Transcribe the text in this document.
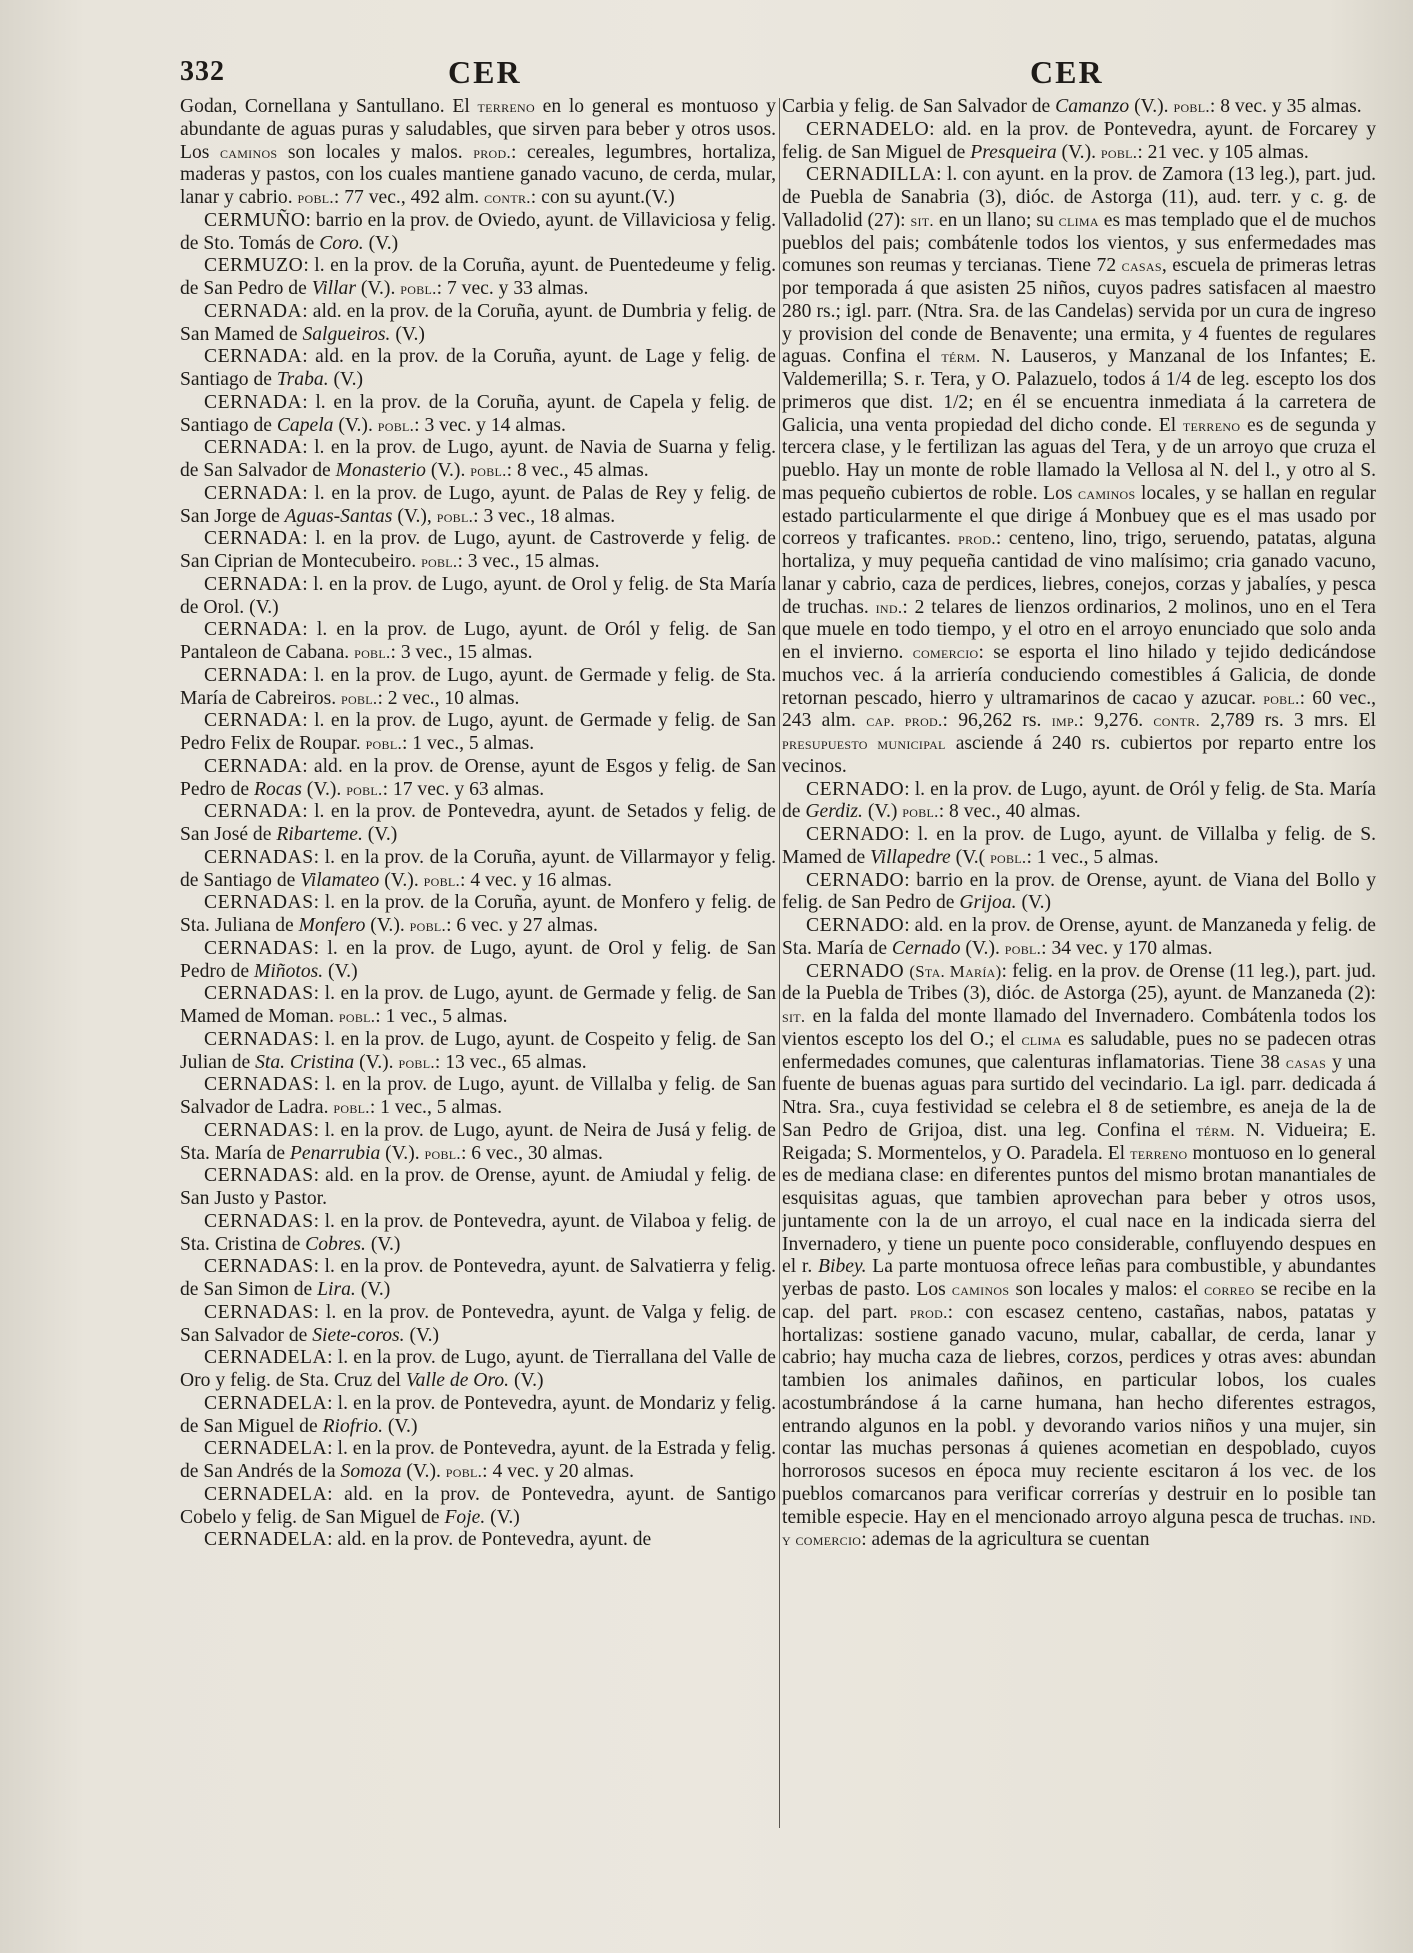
332	CER	CER

Godan, Cornellana y Santullano. El terreno en lo general es montuoso y abundante de aguas puras y saludables, que sirven para beber y otros usos. Los caminos son locales y malos. prod.: cereales, legumbres, hortaliza, maderas y pastos, con los cuales mantiene ganado vacuno, de cerda, mular, lanar y cabrio. pobl.: 77 vec., 492 alm. contr.: con su ayunt.(V.)

CERMUÑO: barrio en la prov. de Oviedo, ayunt. de Villaviciosa y felig. de Sto. Tomás de Coro. (V.)

CERMUZO: l. en la prov. de la Coruña, ayunt. de Puentedeume y felig. de San Pedro de Villar (V.). pobl.: 7 vec. y 33 almas.

CERNADA: ald. en la prov. de la Coruña, ayunt. de Dumbria y felig. de San Mamed de Salgueiros. (V.)

CERNADA: ald. en la prov. de la Coruña, ayunt. de Lage y felig. de Santiago de Traba. (V.)

CERNADA: l. en la prov. de la Coruña, ayunt. de Capela y felig. de Santiago de Capela (V.). pobl.: 3 vec. y 14 almas.

CERNADA: l. en la prov. de Lugo, ayunt. de Navia de Suarna y felig. de San Salvador de Monasterio (V.). pobl.: 8 vec., 45 almas.

CERNADA: l. en la prov. de Lugo, ayunt. de Palas de Rey y felig. de San Jorge de Aguas-Santas (V.), pobl.: 3 vec., 18 almas.

CERNADA: l. en la prov. de Lugo, ayunt. de Castroverde y felig. de San Ciprian de Montecubeiro. pobl.: 3 vec., 15 almas.

CERNADA: l. en la prov. de Lugo, ayunt. de Orol y felig. de Sta María de Orol. (V.)

CERNADA: l. en la prov. de Lugo, ayunt. de Oról y felig. de San Pantaleon de Cabana. pobl.: 3 vec., 15 almas.

CERNADA: l. en la prov. de Lugo, ayunt. de Germade y felig. de Sta. María de Cabreiros. pobl.: 2 vec., 10 almas.

CERNADA: l. en la prov. de Lugo, ayunt. de Germade y felig. de San Pedro Felix de Roupar. pobl.: 1 vec., 5 almas.

CERNADA: ald. en la prov. de Orense, ayunt de Esgos y felig. de San Pedro de Rocas (V.). pobl.: 17 vec. y 63 almas.

CERNADA: l. en la prov. de Pontevedra, ayunt. de Setados y felig. de San José de Ribarteme. (V.)

CERNADAS: l. en la prov. de la Coruña, ayunt. de Villarmayor y felig. de Santiago de Vilamateo (V.). pobl.: 4 vec. y 16 almas.

CERNADAS: l. en la prov. de la Coruña, ayunt. de Monfero y felig. de Sta. Juliana de Monfero (V.). pobl.: 6 vec. y 27 almas.

CERNADAS: l. en la prov. de Lugo, ayunt. de Orol y felig. de San Pedro de Miñotos. (V.)

CERNADAS: l. en la prov. de Lugo, ayunt. de Germade y felig. de San Mamed de Moman. pobl.: 1 vec., 5 almas.

CERNADAS: l. en la prov. de Lugo, ayunt. de Cospeito y felig. de San Julian de Sta. Cristina (V.). pobl.: 13 vec., 65 almas.

CERNADAS: l. en la prov. de Lugo, ayunt. de Villalba y felig. de San Salvador de Ladra. pobl.: 1 vec., 5 almas.

CERNADAS: l. en la prov. de Lugo, ayunt. de Neira de Jusá y felig. de Sta. María de Penarrubia (V.). pobl.: 6 vec., 30 almas.

CERNADAS: ald. en la prov. de Orense, ayunt. de Amiudal y felig. de San Justo y Pastor.

CERNADAS: l. en la prov. de Pontevedra, ayunt. de Vilaboa y felig. de Sta. Cristina de Cobres. (V.)

CERNADAS: l. en la prov. de Pontevedra, ayunt. de Salvatierra y felig. de San Simon de Lira. (V.)

CERNADAS: l. en la prov. de Pontevedra, ayunt. de Valga y felig. de San Salvador de Siete-coros. (V.)

CERNADELA: l. en la prov. de Lugo, ayunt. de Tierrallana del Valle de Oro y felig. de Sta. Cruz del Valle de Oro. (V.)

CERNADELA: l. en la prov. de Pontevedra, ayunt. de Mondariz y felig. de San Miguel de Riofrio. (V.)

CERNADELA: l. en la prov. de Pontevedra, ayunt. de la Estrada y felig. de San Andrés de la Somoza (V.). pobl.: 4 vec. y 20 almas.

CERNADELA: ald. en la prov. de Pontevedra, ayunt. de Santigo Cobelo y felig. de San Miguel de Foje. (V.)

CERNADELA: ald. en la prov. de Pontevedra, ayunt. de

Carbia y felig. de San Salvador de Camanzo (V.). pobl.: 8 vec. y 35 almas.

CERNADELO: ald. en la prov. de Pontevedra, ayunt. de Forcarey y felig. de San Miguel de Presqueira (V.). pobl.: 21 vec. y 105 almas.

CERNADILLA: l. con ayunt. en la prov. de Zamora (13 leg.), part. jud. de Puebla de Sanabria (3), dióc. de Astorga (11), aud. terr. y c. g. de Valladolid (27): sit. en un llano; su clima es mas templado que el de muchos pueblos del pais; combátenle todos los vientos, y sus enfermedades mas comunes son reumas y tercianas. Tiene 72 casas, escuela de primeras letras por temporada á que asisten 25 niños, cuyos padres satisfacen al maestro 280 rs.; igl. parr. (Ntra. Sra. de las Candelas) servida por un cura de ingreso y provision del conde de Benavente; una ermita, y 4 fuentes de regulares aguas. Confina el térm. N. Lauseros, y Manzanal de los Infantes; E. Valdemerilla; S. r. Tera, y O. Palazuelo, todos á 1/4 de leg. escepto los dos primeros que dist. 1/2; en él se encuentra inmediata á la carretera de Galicia, una venta propiedad del dicho conde. El terreno es de segunda y tercera clase, y le fertilizan las aguas del Tera, y de un arroyo que cruza el pueblo. Hay un monte de roble llamado la Vellosa al N. del l., y otro al S. mas pequeño cubiertos de roble. Los caminos locales, y se hallan en regular estado particularmente el que dirige á Monbuey que es el mas usado por correos y traficantes. prod.: centeno, lino, trigo, seruendo, patatas, alguna hortaliza, y muy pequeña cantidad de vino malísimo; cria ganado vacuno, lanar y cabrio, caza de perdices, liebres, conejos, corzas y jabalíes, y pesca de truchas. ind.: 2 telares de lienzos ordinarios, 2 molinos, uno en el Tera que muele en todo tiempo, y el otro en el arroyo enunciado que solo anda en el invierno. comercio: se esporta el lino hilado y tejido dedicándose muchos vec. á la arriería conduciendo comestibles á Galicia, de donde retornan pescado, hierro y ultramarinos de cacao y azucar. pobl.: 60 vec., 243 alm. cap. prod.: 96,262 rs. imp.: 9,276. contr. 2,789 rs. 3 mrs. El presupuesto municipal asciende á 240 rs. cubiertos por reparto entre los vecinos.

CERNADO: l. en la prov. de Lugo, ayunt. de Oról y felig. de Sta. María de Gerdiz. (V.) pobl.: 8 vec., 40 almas.

CERNADO: l. en la prov. de Lugo, ayunt. de Villalba y felig. de S. Mamed de Villapedre (V.( pobl.: 1 vec., 5 almas.

CERNADO: barrio en la prov. de Orense, ayunt. de Viana del Bollo y felig. de San Pedro de Grijoa. (V.)

CERNADO: ald. en la prov. de Orense, ayunt. de Manzaneda y felig. de Sta. María de Cernado (V.). pobl.: 34 vec. y 170 almas.

CERNADO (Sta. María): felig. en la prov. de Orense (11 leg.), part. jud. de la Puebla de Tribes (3), dióc. de Astorga (25), ayunt. de Manzaneda (2): sit. en la falda del monte llamado del Invernadero. Combátenla todos los vientos escepto los del O.; el clima es saludable, pues no se padecen otras enfermedades comunes, que calenturas inflamatorias. Tiene 38 casas y una fuente de buenas aguas para surtido del vecindario. La igl. parr. dedicada á Ntra. Sra., cuya festividad se celebra el 8 de setiembre, es aneja de la de San Pedro de Grijoa, dist. una leg. Confina el térm. N. Vidueira; E. Reigada; S. Mormentelos, y O. Paradela. El terreno montuoso en lo general es de mediana clase: en diferentes puntos del mismo brotan manantiales de esquisitas aguas, que tambien aprovechan para beber y otros usos, juntamente con la de un arroyo, el cual nace en la indicada sierra del Invernadero, y tiene un puente poco considerable, confluyendo despues en el r. Bibey. La parte montuosa ofrece leñas para combustible, y abundantes yerbas de pasto. Los caminos son locales y malos: el correo se recibe en la cap. del part. prod.: con escasez centeno, castañas, nabos, patatas y hortalizas: sostiene ganado vacuno, mular, caballar, de cerda, lanar y cabrio; hay mucha caza de liebres, corzos, perdices y otras aves: abundan tambien los animales dañinos, en particular lobos, los cuales acostumbrándose á la carne humana, han hecho diferentes estragos, entrando algunos en la pobl. y devorando varios niños y una mujer, sin contar las muchas personas á quienes acometian en despoblado, cuyos horrorosos sucesos en época muy reciente escitaron á los vec. de los pueblos comarcanos para verificar correrías y destruir en lo posible tan temible especie. Hay en el mencionado arroyo alguna pesca de truchas. ind. y comercio: ademas de la agricultura se cuentan
